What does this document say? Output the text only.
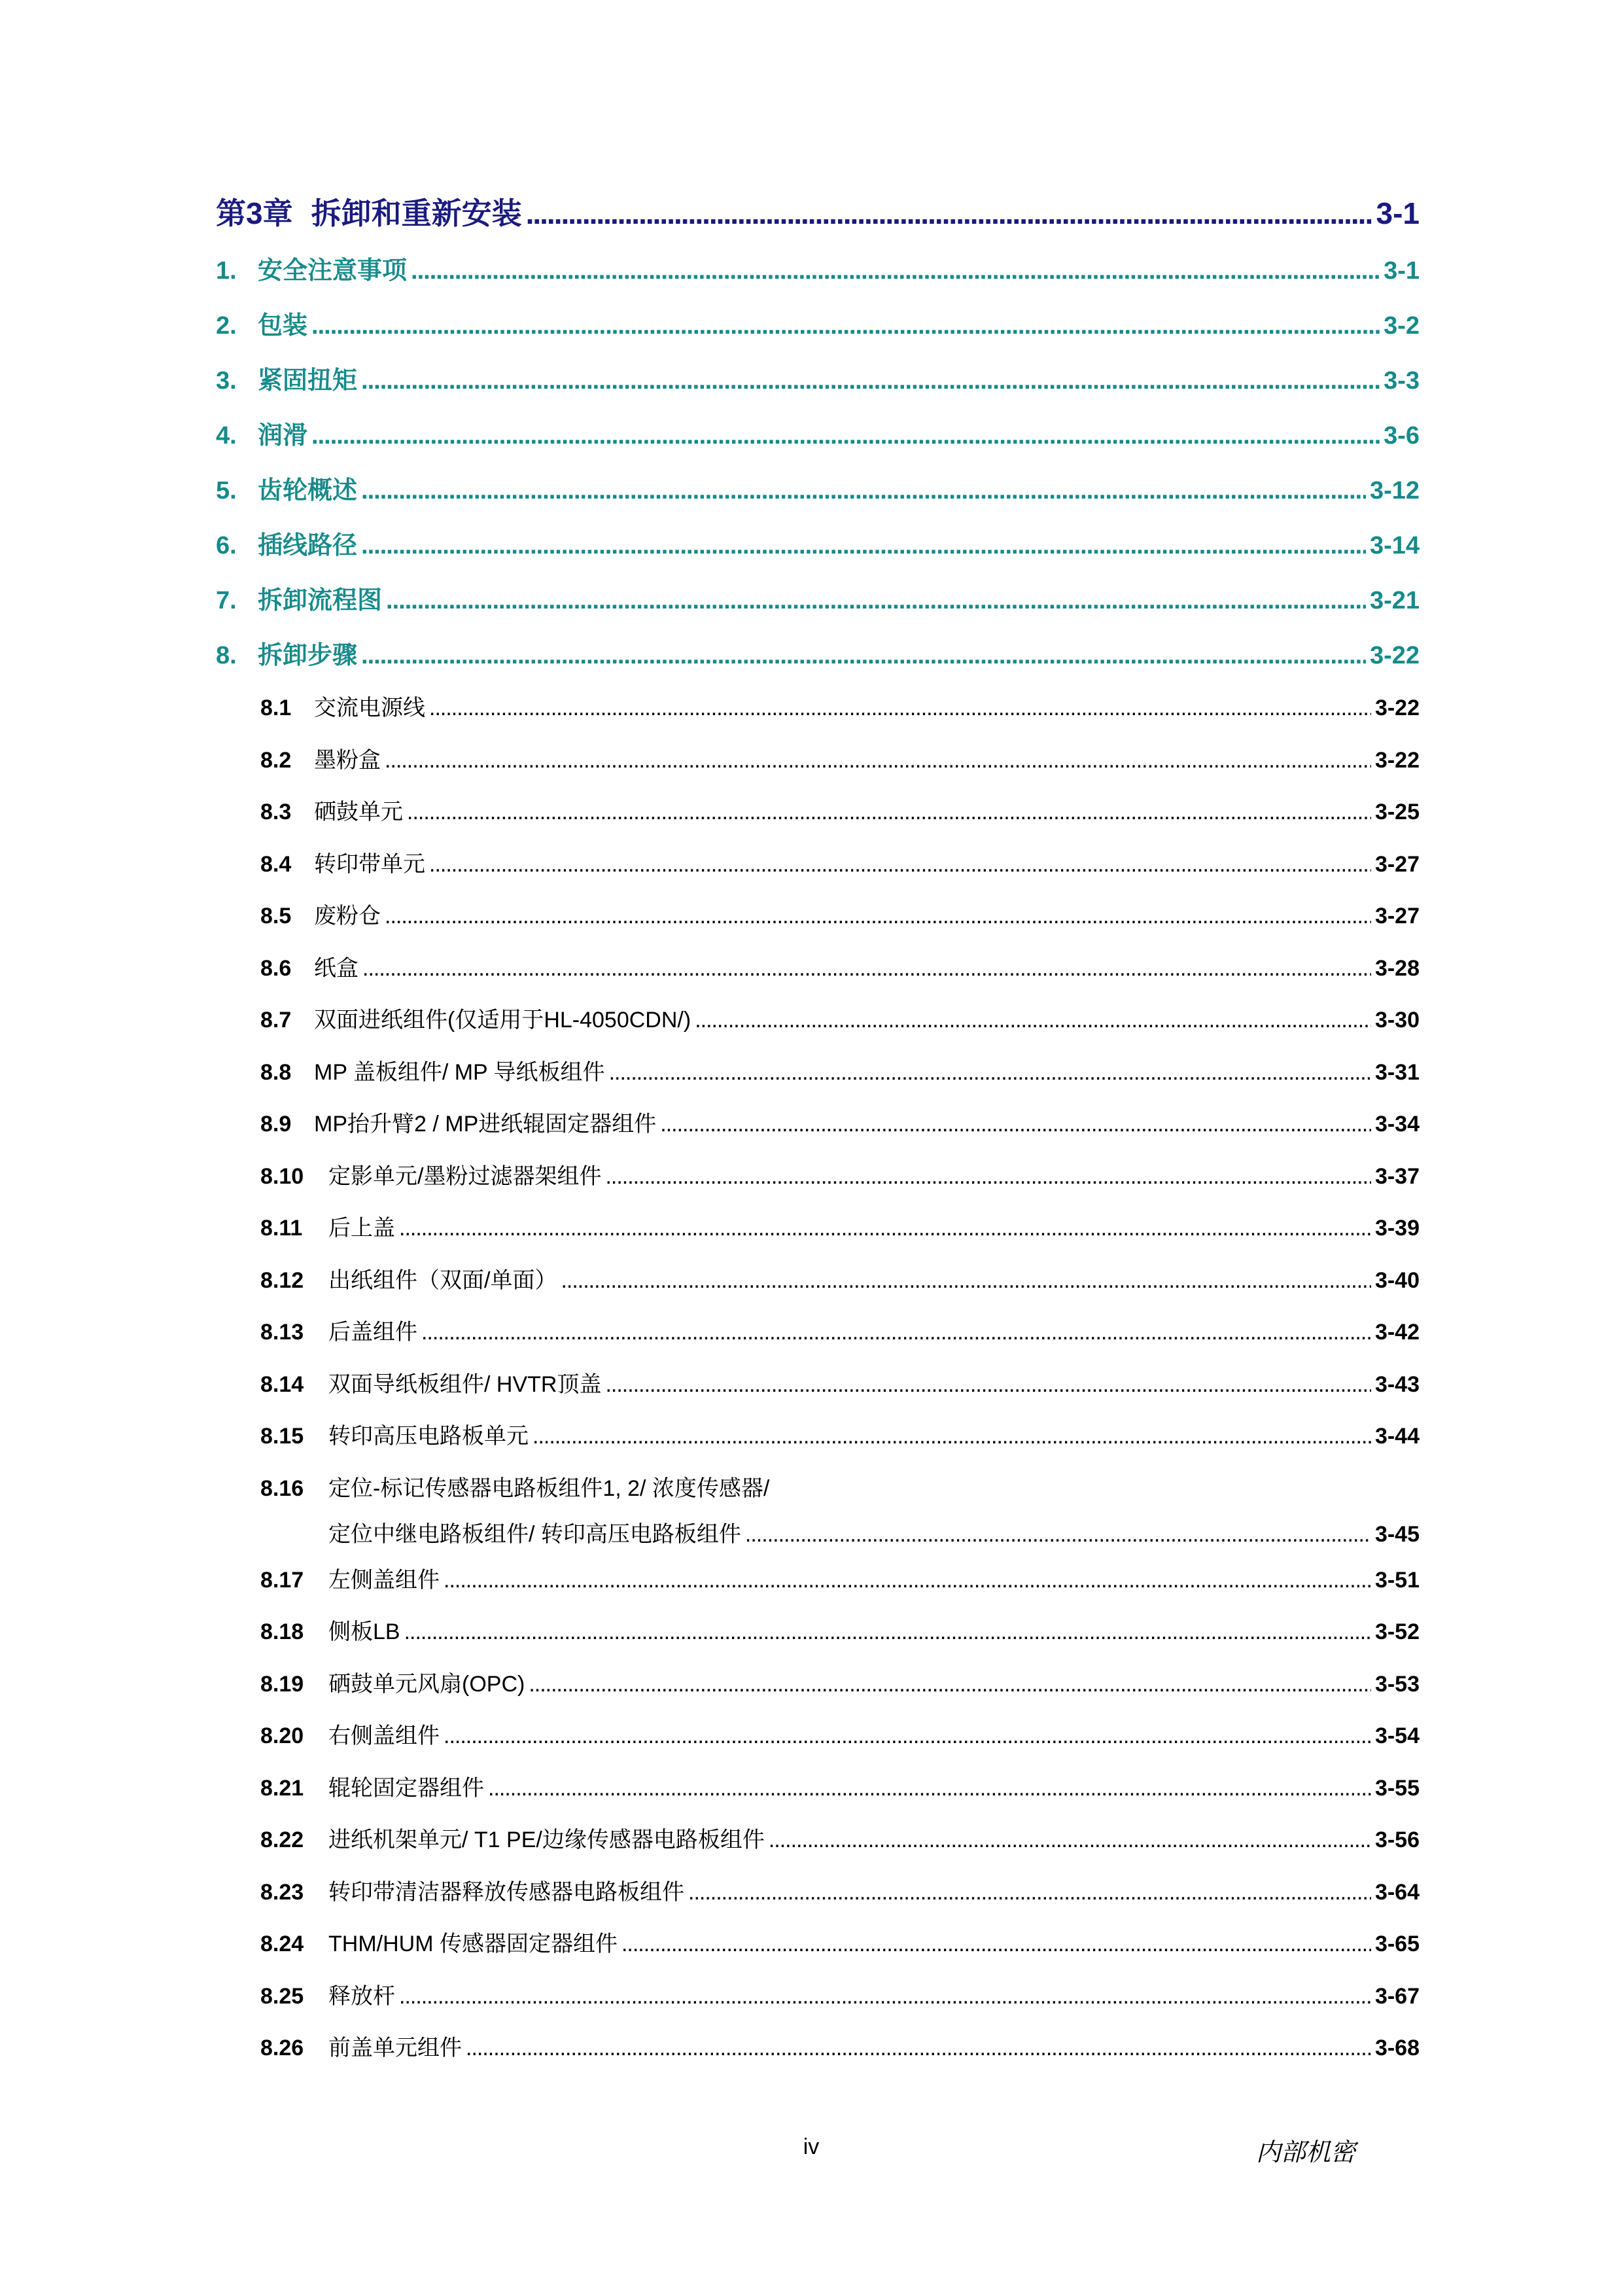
第3章 拆卸和重新安装 .....	3-1
1. 安全注意事项 .....	3-1
2. 包装 .....	3-2
3. 紧固扭矩 .....	3-3
4. 润滑 .....	3-6
5. 齿轮概述 .....	3-12
6. 插线路径 .....	3-14
7. 拆卸流程图 .....	3-21
8. 拆卸步骤 .....	3-22
8.1	交流电源线 .....	3-22
8.2	墨粉盒 .....	3-22
8.3	硒鼓单元 .....	3-25
8.4	转印带单元 .....	3-27
8.5	废粉仓 .....	3-27
8.6	纸盒 .....	3-28
8.7	双面进纸组件(仅适用于HL-4050CDN/) .....	3-30
8.8	MP 盖板组件/ MP 导纸板组件 .....	3-31
8.9	MP抬升臂2 / MP进纸辊固定器组件 .....	3-34
8.10	定影单元/墨粉过滤器架组件 .....	3-37
8.11	后上盖 .....	3-39
8.12	出纸组件（双面/单面） .....	3-40
8.13	后盖组件 .....	3-42
8.14	双面导纸板组件/ HVTR顶盖 .....	3-43
8.15	转印高压电路板单元 .....	3-44
8.16	定位-标记传感器电路板组件1, 2/ 浓度传感器/
定位中继电路板组件/ 转印高压电路板组件 .....	3-45
8.17	左侧盖组件 .....	3-51
8.18	侧板LB .....	3-52
8.19	硒鼓单元风扇(OPC) .....	3-53
8.20	右侧盖组件 .....	3-54
8.21	辊轮固定器组件 .....	3-55
8.22	进纸机架单元/ T1 PE/边缘传感器电路板组件 .....	3-56
8.23	转印带清洁器释放传感器电路板组件 .....	3-64
8.24	THM/HUM 传感器固定器组件 .....	3-65
8.25	释放杆 .....	3-67
8.26	前盖单元组件 .....	3-68
iv	内部机密
